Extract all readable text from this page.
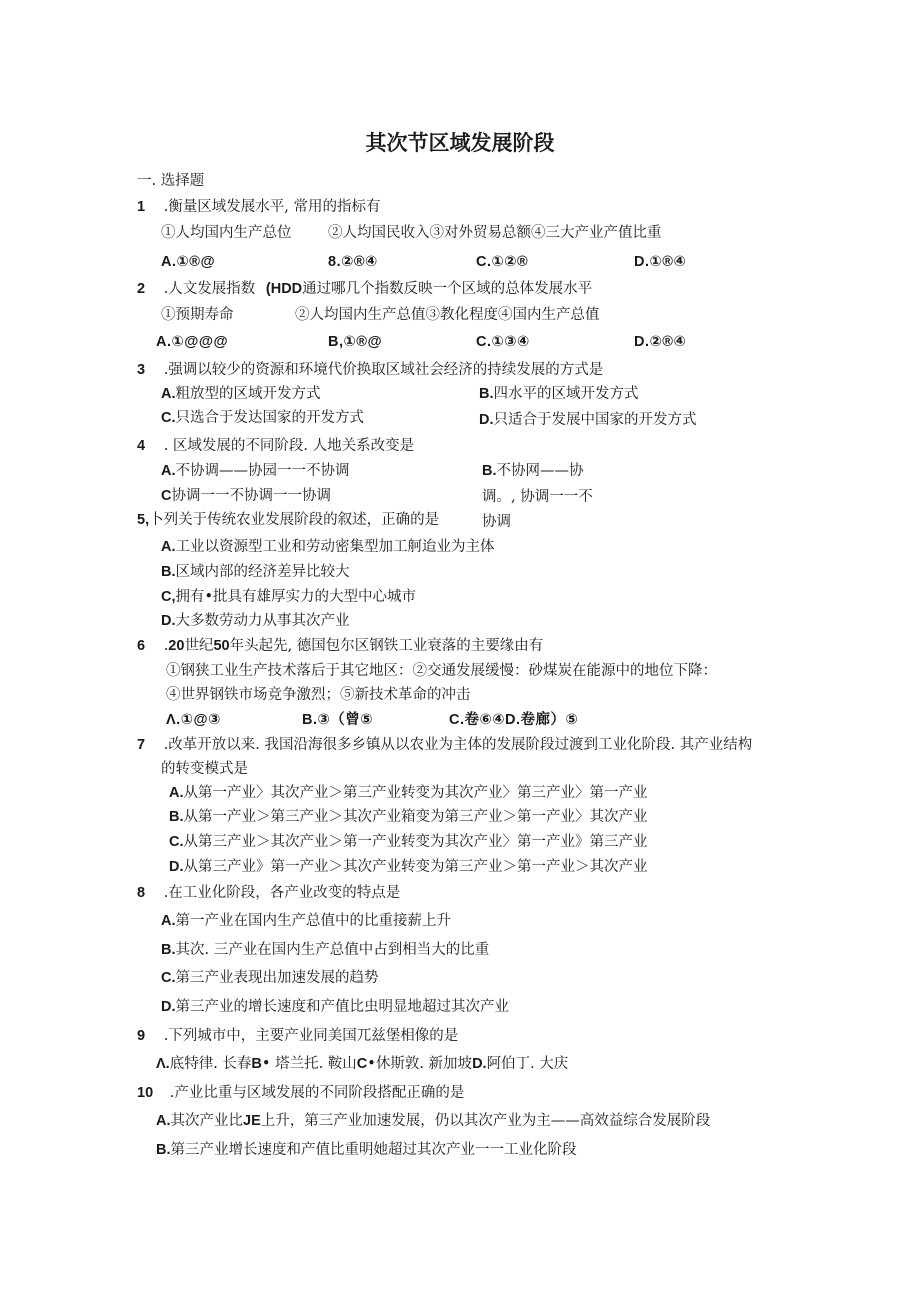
其次节区域发展阶段
一. 选择题
1 .衡量区域发展水平, 常用的指标有
①人均国内生产总位	②人均国民收入③对外贸易总额④三大产业产值比重
A.①®@	8.②®④	C.①②®	D.①®④
2 .人文发展指数 (HDD通过哪几个指数反映一个区域的总体发展水平
①预期寿命	②人均国内生产总值③教化程度④国内生产总值
A.①@@@	B,①®@	C.①③④	D.②®④
3 .强调以较少的资源和环境代价换取区域社会经济的持续发展的方式是
A.粗放型的区域开发方式	B.四水平的区域开发方式
C.只选合于发达国家的开发方式	D.只适合于发展中国家的开发方式
4 . 区域发展的不同阶段. 人地关系改变是
A.不协调——协园一一不协调	B.不协网——协
C协调一一不协调一一协调	调。, 协调一一不
协调
5,卜列关于传统农业发展阶段的叙述，正确的是
A.工业以资源型工业和劳动密集型加工舸迨业为主体
B.区域内部的经济差异比较大
C,拥有•批具有雄厚实力的大型中心城市
D.大多数劳动力从事其次产业
6 .20世纪50年头起先, 德国包尔区钢铁工业衰落的主要缘由有
①钢狭工业生产技术落后于其它地区：②交通发展缓慢：砂煤炭在能源中的地位下降：
④世界钢铁市场竞争激烈；⑤新技术革命的冲击
Λ.①@③	B.③（曾⑤	C.卷⑥④D.卷廊）⑤
7 .改革开放以来. 我国沿海很多乡镇从以农业为主体的发展阶段过渡到工业化阶段. 其产业结构
的转变模式是
A.从第一产业〉其次产业＞第三产业转变为其次产业〉第三产业〉第一产业
B.从第一产业＞第三产业＞其次产业箱变为第三产业＞第一产业〉其次产业
C.从第三产业＞其次产业＞第一产业转变为其次产业〉第一产业》第三产业
D.从第三产业》第一产业＞其次产业转变为第三产业＞第一产业＞其次产业
8 .在工业化阶段，各产业改变的特点是
A.第一产业在国内生产总值中的比重接薪上升
B.其次. 三产业在国内生产总值中占到相当大的比重
C.第三产业表现出加速发展的趋势
D.第三产业的增长速度和产值比虫明显地超过其次产业
9 .下列城市中，主要产业同美国兀兹堡相像的是
Λ.底特律. 长春B• 塔兰托. 鞍山C•休斯敦. 新加坡D.阿伯丁. 大庆
10 .产业比重与区域发展的不同阶段搭配正确的是
A.其次产业比JE上升，第三产业加速发展，仍以其次产业为主——高效益综合发展阶段
B.第三产业增长速度和产值比重明她超过其次产业一一工业化阶段
